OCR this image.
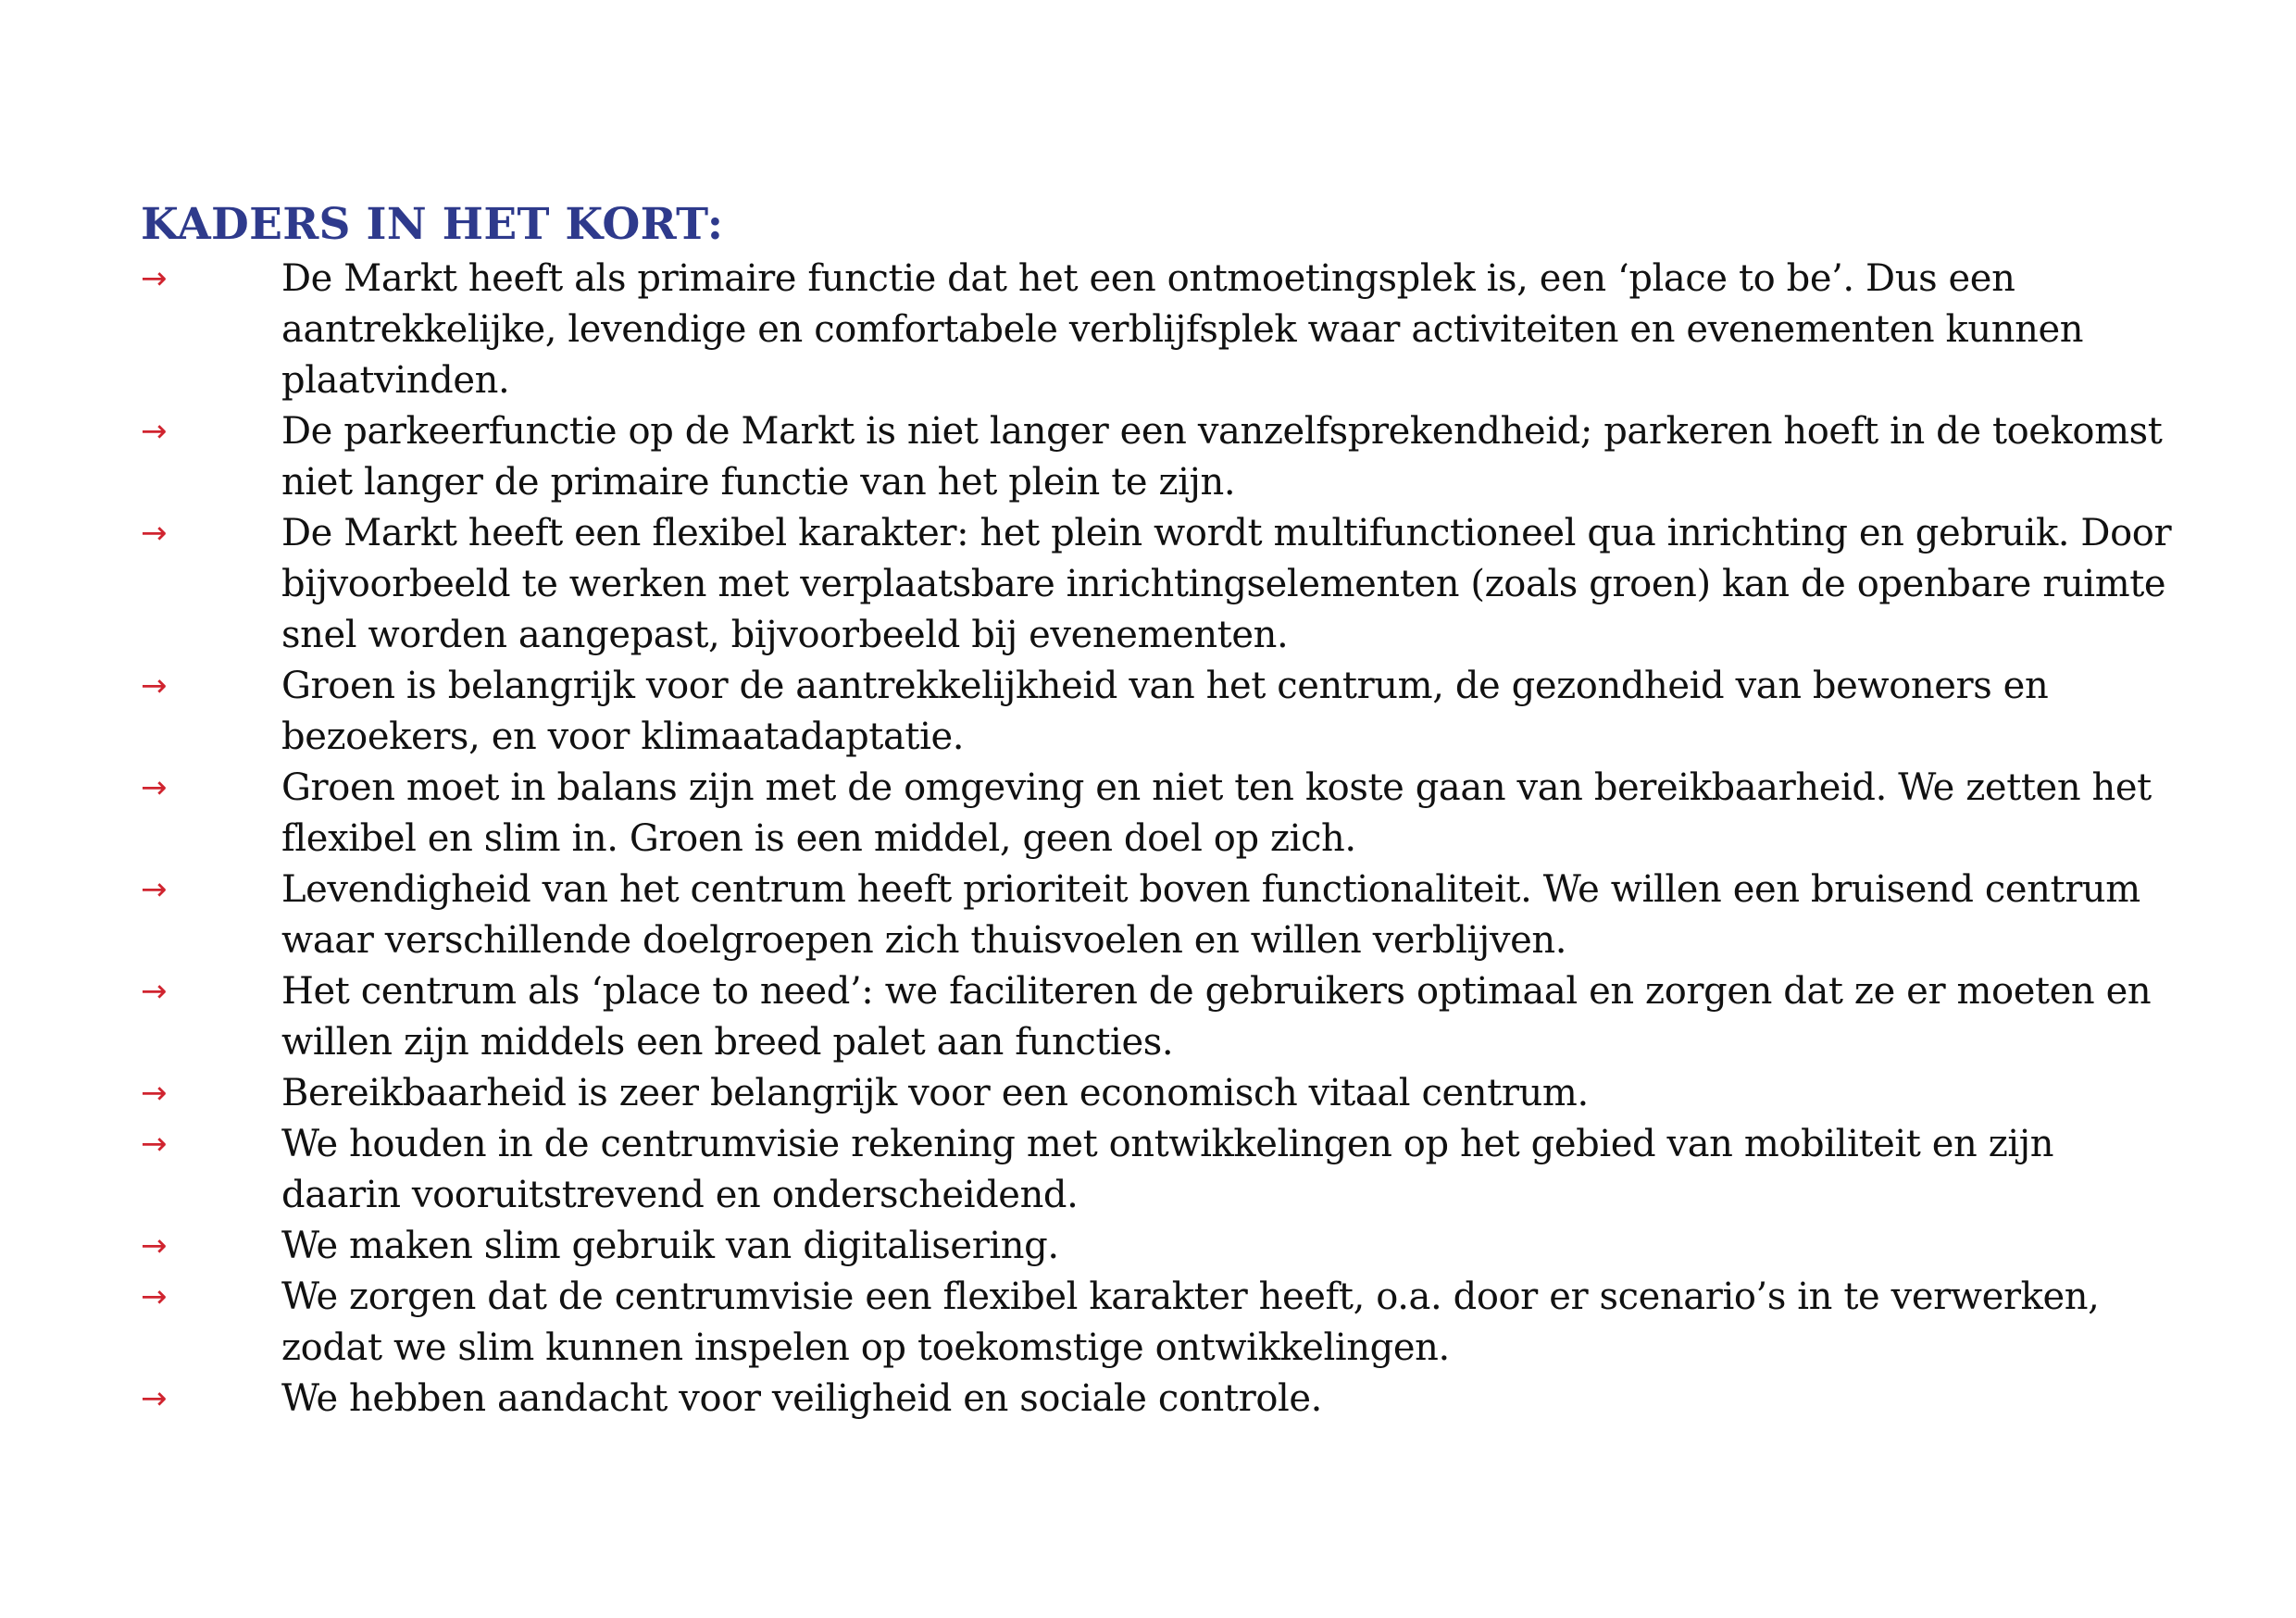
KADERS IN HET KORT:
→	De Markt heeft als primaire functie dat het een ontmoetingsplek is, een ‘place to be’. Dus een aantrekkelijke, levendige en comfortabele verblijfsplek waar activiteiten en evenementen kunnen plaatvinden.
→	De parkeerfunctie op de Markt is niet langer een vanzelfsprekendheid; parkeren hoeft in de toekomst niet langer de primaire functie van het plein te zijn.
→	De Markt heeft een flexibel karakter: het plein wordt multifunctioneel qua inrichting en gebruik. Door bijvoorbeeld te werken met verplaatsbare inrichtingselementen (zoals groen) kan de openbare ruimte snel worden aangepast, bijvoorbeeld bij evenementen.
→	Groen is belangrijk voor de aantrekkelijkheid van het centrum, de gezondheid van bewoners en bezoekers, en voor klimaatadaptatie.
→	Groen moet in balans zijn met de omgeving en niet ten koste gaan van bereikbaarheid. We zetten het flexibel en slim in. Groen is een middel, geen doel op zich.
→	Levendigheid van het centrum heeft prioriteit boven functionaliteit. We willen een bruisend centrum waar verschillende doelgroepen zich thuisvoelen en willen verblijven.
→	Het centrum als ‘place to need’: we faciliteren de gebruikers optimaal en zorgen dat ze er moeten en willen zijn middels een breed palet aan functies.
→	Bereikbaarheid is zeer belangrijk voor een economisch vitaal centrum.
→	We houden in de centrumvisie rekening met ontwikkelingen op het gebied van mobiliteit en zijn daarin vooruitstrevend en onderscheidend.
→	We maken slim gebruik van digitalisering.
→	We zorgen dat de centrumvisie een flexibel karakter heeft, o.a. door er scenario’s in te verwerken, zodat we slim kunnen inspelen op toekomstige ontwikkelingen.
→	We hebben aandacht voor veiligheid en sociale controle.
